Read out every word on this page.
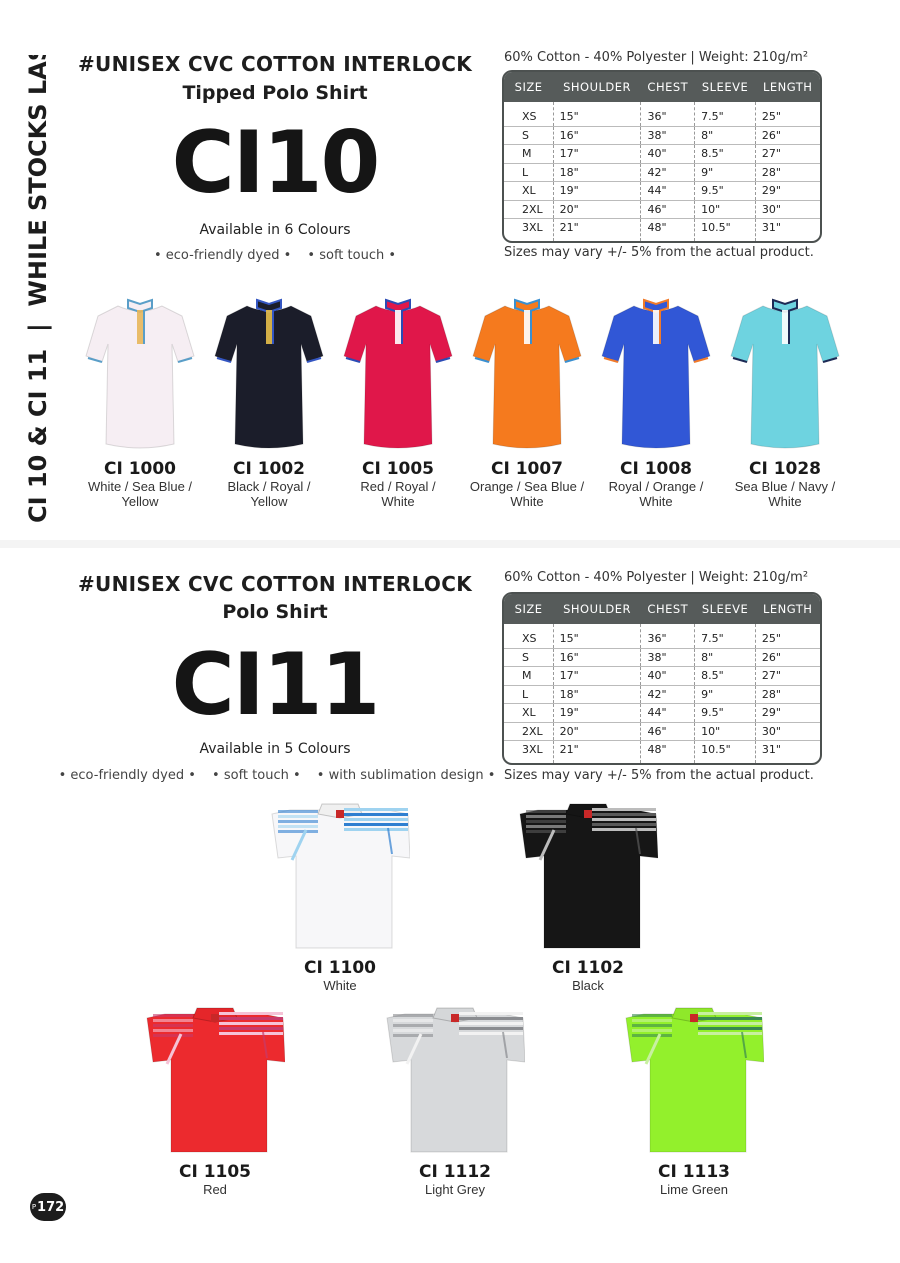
CI 10 & CI 11  |  WHILE STOCKS LAST	#UNISEX CVC COTTON INTERLOCK
Tipped Polo Shirt
CI10
Available in 6 Colours
• eco-friendly dyed • • soft touch •
60% Cotton - 40% Polyester | Weight: 210g/m²
SIZE	SHOULDER	CHEST	SLEEVE	LENGTH
XS	15"	36"	7.5"	25"
S	16"	38"	8"	26"
M	17"	40"	8.5"	27"
L	18"	42"	9"	28"
XL	19"	44"	9.5"	29"
2XL	20"	46"	10"	30"
3XL	21"	48"	10.5"	31"
Sizes may vary +/- 5% from the actual product.
CI 1000
White / Sea Blue /
Yellow
CI 1002
Black / Royal /
Yellow
CI 1005
Red / Royal /
White
CI 1007
Orange / Sea Blue /
White
CI 1008
Royal / Orange /
White
CI 1028
Sea Blue / Navy /
White
#UNISEX CVC COTTON INTERLOCK
Polo Shirt
CI11
Available in 5 Colours
• eco-friendly dyed • • soft touch • • with sublimation design •
60% Cotton - 40% Polyester | Weight: 210g/m²
SIZE	SHOULDER	CHEST	SLEEVE	LENGTH
XS	15"	36"	7.5"	25"
S	16"	38"	8"	26"
M	17"	40"	8.5"	27"
L	18"	42"	9"	28"
XL	19"	44"	9.5"	29"
2XL	20"	46"	10"	30"
3XL	21"	48"	10.5"	31"
Sizes may vary +/- 5% from the actual product.
CI 1100
White
CI 1102
Black
CI 1105
Red
CI 1112
Light Grey
CI 1113
Lime Green
P 172
